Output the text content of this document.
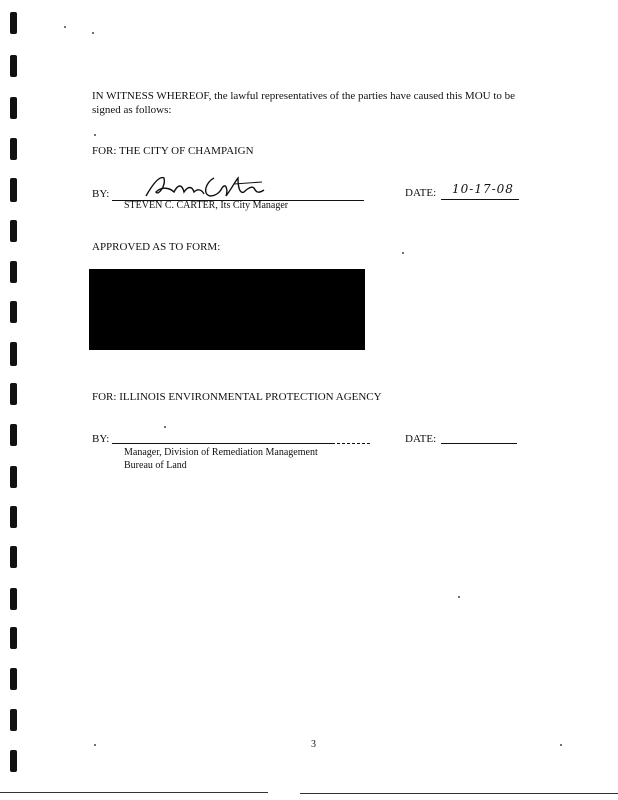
IN WITNESS WHEREOF, the lawful representatives of the parties have caused this MOU to be
signed as follows:
FOR: THE CITY OF CHAMPAIGN
BY:
STEVEN C. CARTER, Its City Manager
DATE: 10-17-08
APPROVED AS TO FORM:
FOR: ILLINOIS ENVIRONMENTAL PROTECTION AGENCY
BY:
Manager, Division of Remediation Management
Bureau of Land
DATE:
3
